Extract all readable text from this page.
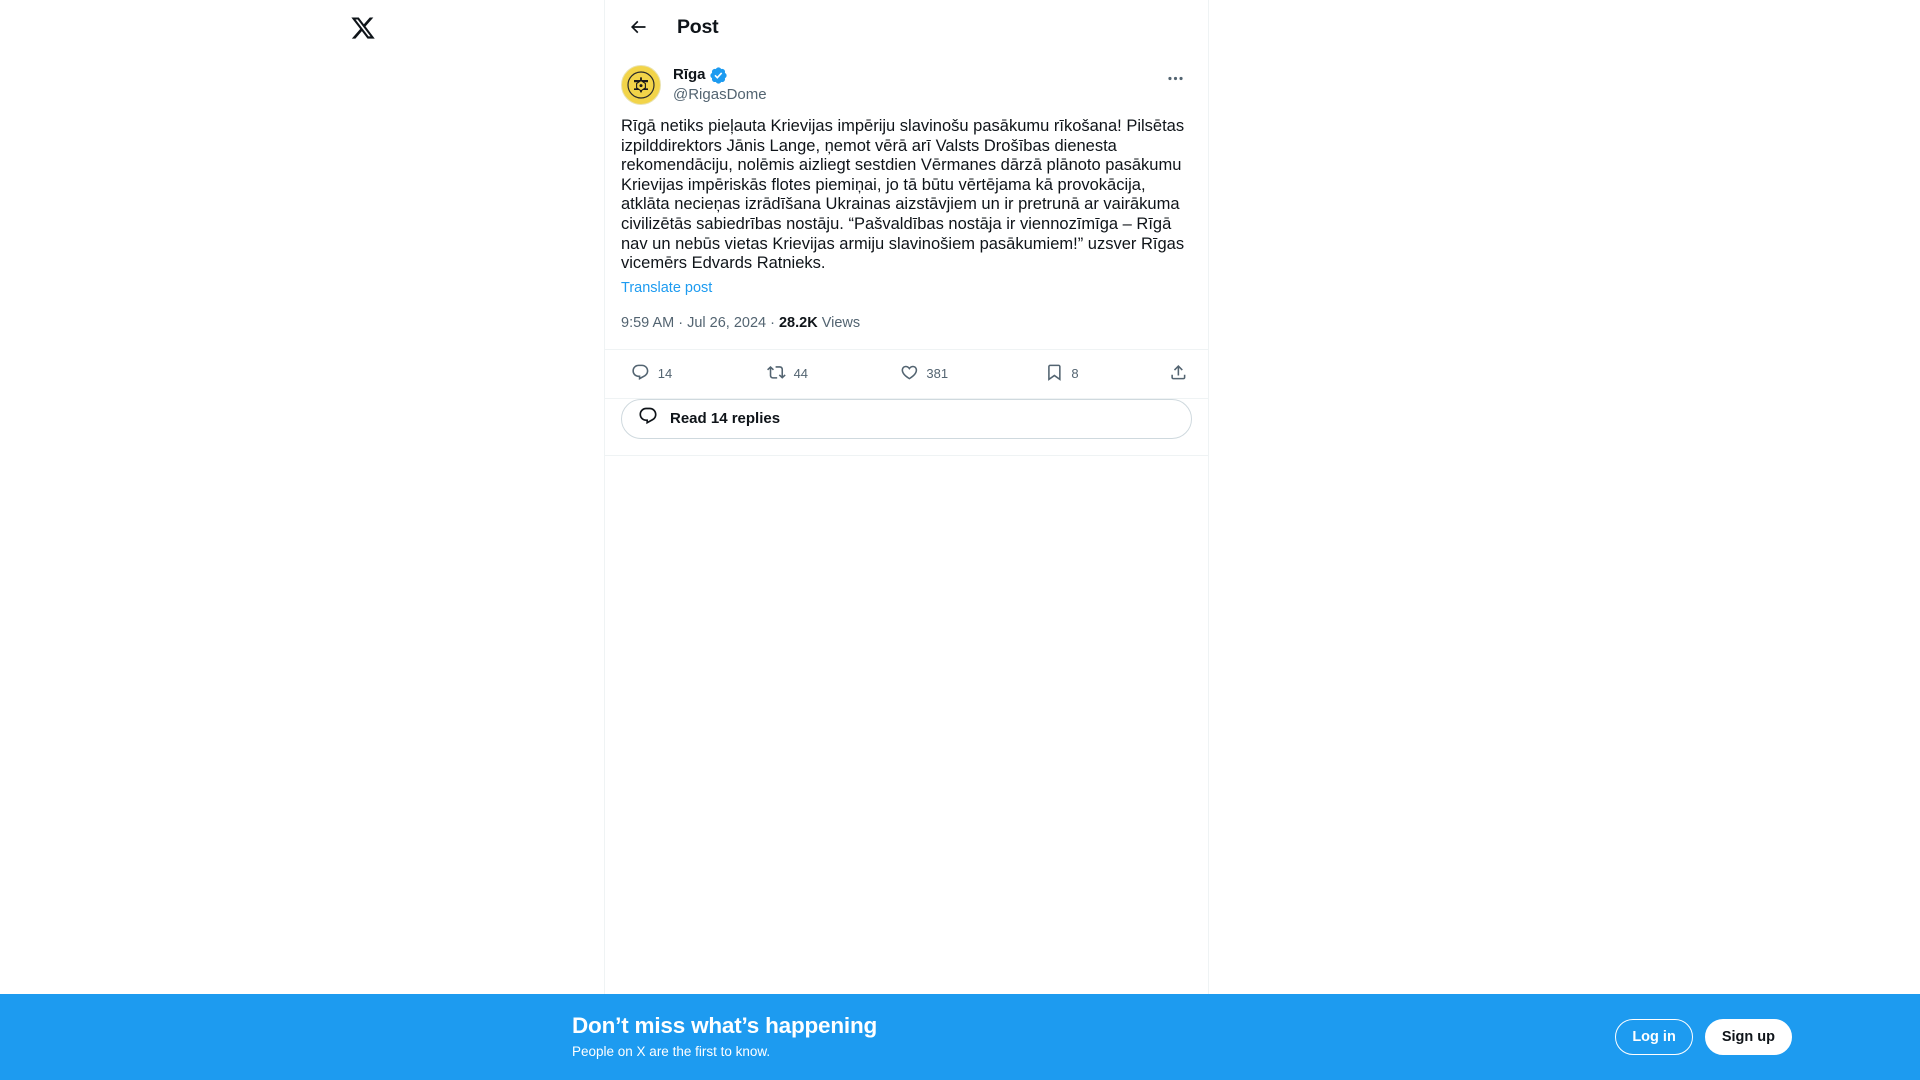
Post
Rīga
@RigasDome
Rīgā netiks pieļauta Krievijas impēriju slavinošu pasākumu rīkošana! Pilsētas izpilddirektors Jānis Lange, ņemot vērā arī Valsts Drošības dienesta rekomendāciju, nolēmis aizliegt sestdien Vērmanes dārzā plānoto pasākumu Krievijas impēriskās flotes piemiņai, jo tā būtu vērtējama kā provokācija, atklāta necieņas izrādīšana Ukrainas aizstāvjiem un ir pretrunā ar vairākuma civilizētās sabiedrības nostāju. “Pašvaldības nostāja ir viennozīmīga – Rīgā nav un nebūs vietas Krievijas armiju slavinošiem pasākumiem!” uzsver Rīgas vicemērs Edvards Ratnieks.
Translate post
9:59 AM · Jul 26, 2024 · 28.2K Views
14	44	381	8
Read 14 replies
Don’t miss what’s happening
People on X are the first to know.
Log in	Sign up
